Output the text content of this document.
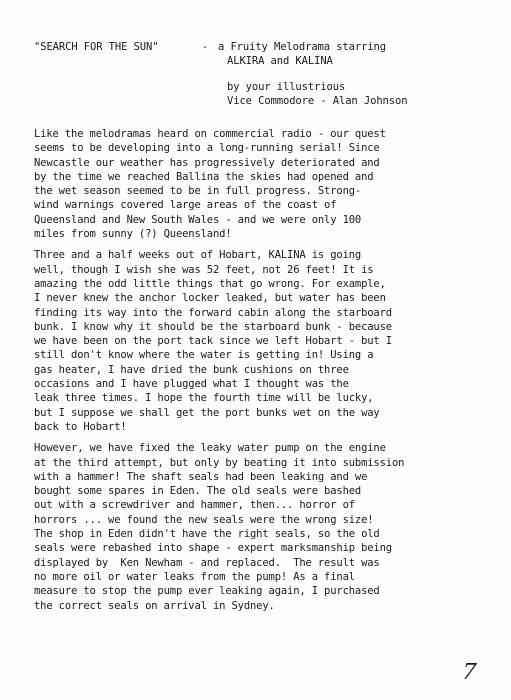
"SEARCH FOR THE SUN"	- a Fruity Melodrama starring
ALKIRA and KALINA
by your illustrious
Vice Commodore - Alan Johnson
Like the melodramas heard on commercial radio - our quest
seems to be developing into a long-running serial! Since
Newcastle our weather has progressively deteriorated and
by the time we reached Ballina the skies had opened and
the wet season seemed to be in full progress. Strong-
wind warnings covered large areas of the coast of
Queensland and New South Wales - and we were only 100
miles from sunny (?) Queensland!
Three and a half weeks out of Hobart, KALINA is going
well, though I wish she was 52 feet, not 26 feet! It is
amazing the odd little things that go wrong. For example,
I never knew the anchor locker leaked, but water has been
finding its way into the forward cabin along the starboard
bunk. I know why it should be the starboard bunk - because
we have been on the port tack since we left Hobart - but I
still don't know where the water is getting in! Using a
gas heater, I have dried the bunk cushions on three
occasions and I have plugged what I thought was the
leak three times. I hope the fourth time will be lucky,
but I suppose we shall get the port bunks wet on the way
back to Hobart!
However, we have fixed the leaky water pump on the engine
at the third attempt, but only by beating it into submission
with a hammer! The shaft seals had been leaking and we
bought some spares in Eden. The old seals were bashed
out with a screwdriver and hammer, then... horror of
horrors ... we found the new seals were the wrong size!
The shop in Eden didn't have the right seals, so the old
seals were rebashed into shape - expert marksmanship being
displayed by  Ken Newham - and replaced.  The result was
no more oil or water leaks from the pump! As a final
measure to stop the pump ever leaking again, I purchased
the correct seals on arrival in Sydney.
7
